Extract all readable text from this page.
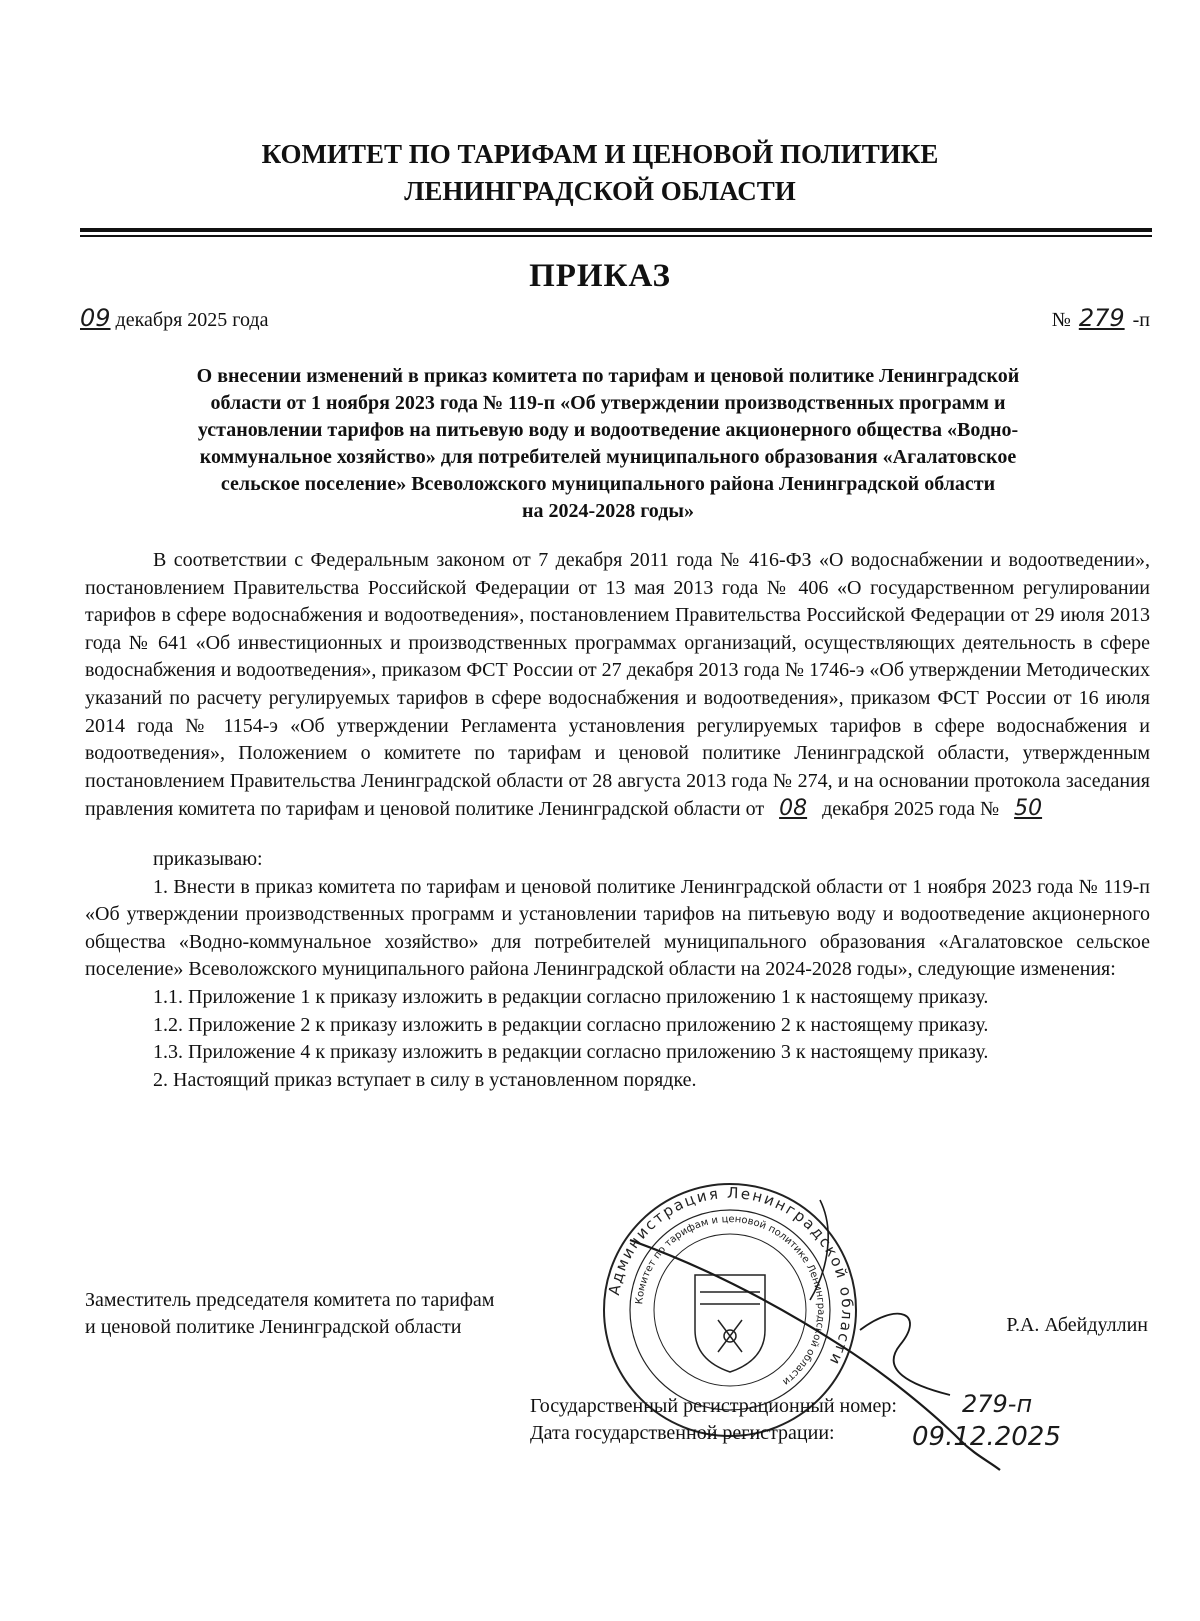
КОМИТЕТ ПО ТАРИФАМ И ЦЕНОВОЙ ПОЛИТИКЕ
ЛЕНИНГРАДСКОЙ ОБЛАСТИ
ПРИКАЗ
09 декабря 2025 года	№ 279 -п
О внесении изменений в приказ комитета по тарифам и ценовой политике Ленинградской
области от 1 ноября 2023 года № 119-п «Об утверждении производственных программ и
установлении тарифов на питьевую воду и водоотведение акционерного общества «Водно-
коммунальное хозяйство» для потребителей муниципального образования «Агалатовское
сельское поселение» Всеволожского муниципального района Ленинградской области
на 2024-2028 годы»

В соответствии с Федеральным законом от 7 декабря 2011 года № 416-ФЗ «О водоснабжении и водоотведении», постановлением Правительства Российской Федерации от 13 мая 2013 года № 406 «О государственном регулировании тарифов в сфере водоснабжения и водоотведения», постановлением Правительства Российской Федерации от 29 июля 2013 года № 641 «Об инвестиционных и производственных программах организаций, осуществляющих деятельность в сфере водоснабжения и водоотведения», приказом ФСТ России от 27 декабря 2013 года № 1746-э «Об утверждении Методических указаний по расчету регулируемых тарифов в сфере водоснабжения и водоотведения», приказом ФСТ России от 16 июля 2014 года № 1154-э «Об утверждении Регламента установления регулируемых тарифов в сфере водоснабжения и водоотведения», Положением о комитете по тарифам и ценовой политике Ленинградской области, утвержденным постановлением Правительства Ленинградской области от 28 августа 2013 года № 274, и на основании протокола заседания правления комитета по тарифам и ценовой политике Ленинградской области от 08 декабря 2025 года № 50

приказываю:

1. Внести в приказ комитета по тарифам и ценовой политике Ленинградской области от 1 ноября 2023 года № 119-п «Об утверждении производственных программ и установлении тарифов на питьевую воду и водоотведение акционерного общества «Водно-коммунальное хозяйство» для потребителей муниципального образования «Агалатовское сельское поселение» Всеволожского муниципального района Ленинградской области на 2024-2028 годы», следующие изменения:

1.1. Приложение 1 к приказу изложить в редакции согласно приложению 1 к настоящему приказу.

1.2. Приложение 2 к приказу изложить в редакции согласно приложению 2 к настоящему приказу.

1.3. Приложение 4 к приказу изложить в редакции согласно приложению 3 к настоящему приказу.

2. Настоящий приказ вступает в силу в установленном порядке.

Заместитель председателя комитета по тарифам
и ценовой политике Ленинградской области	Р.А. Абейдуллин
Администрация Ленинградской области
Комитет по тарифам и ценовой политике Ленинградской области
Государственный регистрационный номер:
Дата государственной регистрации:
279-п
09.12.2025
